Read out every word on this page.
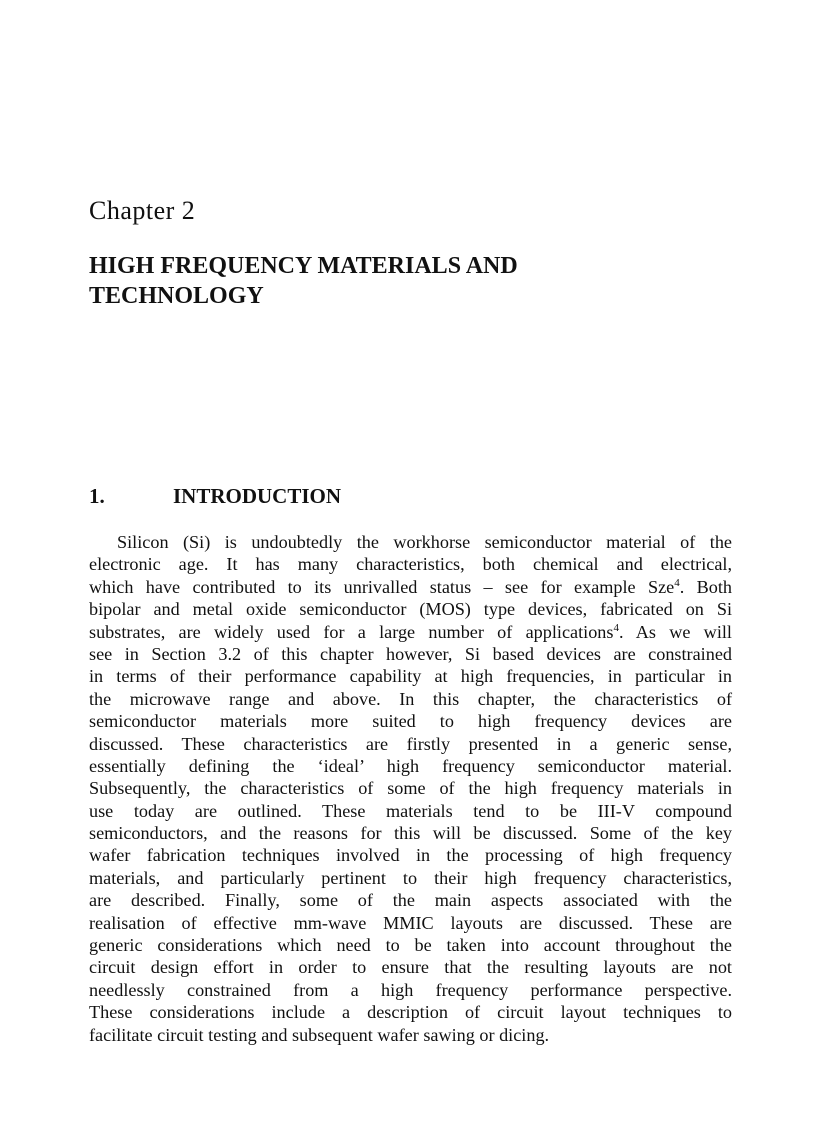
Chapter 2
HIGH FREQUENCY MATERIALS AND
TECHNOLOGY
1.	INTRODUCTION
Silicon (Si) is undoubtedly the workhorse semiconductor material of the
electronic age. It has many characteristics, both chemical and electrical,
which have contributed to its unrivalled status – see for example Sze$^4$. Both
bipolar and metal oxide semiconductor (MOS) type devices, fabricated on Si
substrates, are widely used for a large number of applications$^4$. As we will
see in Section 3.2 of this chapter however, Si based devices are constrained
in terms of their performance capability at high frequencies, in particular in
the microwave range and above. In this chapter, the characteristics of
semiconductor materials more suited to high frequency devices are
discussed. These characteristics are firstly presented in a generic sense,
essentially defining the ‘ideal’ high frequency semiconductor material.
Subsequently, the characteristics of some of the high frequency materials in
use today are outlined. These materials tend to be III-V compound
semiconductors, and the reasons for this will be discussed. Some of the key
wafer fabrication techniques involved in the processing of high frequency
materials, and particularly pertinent to their high frequency characteristics,
are described. Finally, some of the main aspects associated with the
realisation of effective mm-wave MMIC layouts are discussed. These are
generic considerations which need to be taken into account throughout the
circuit design effort in order to ensure that the resulting layouts are not
needlessly constrained from a high frequency performance perspective.
These considerations include a description of circuit layout techniques to
facilitate circuit testing and subsequent wafer sawing or dicing.
